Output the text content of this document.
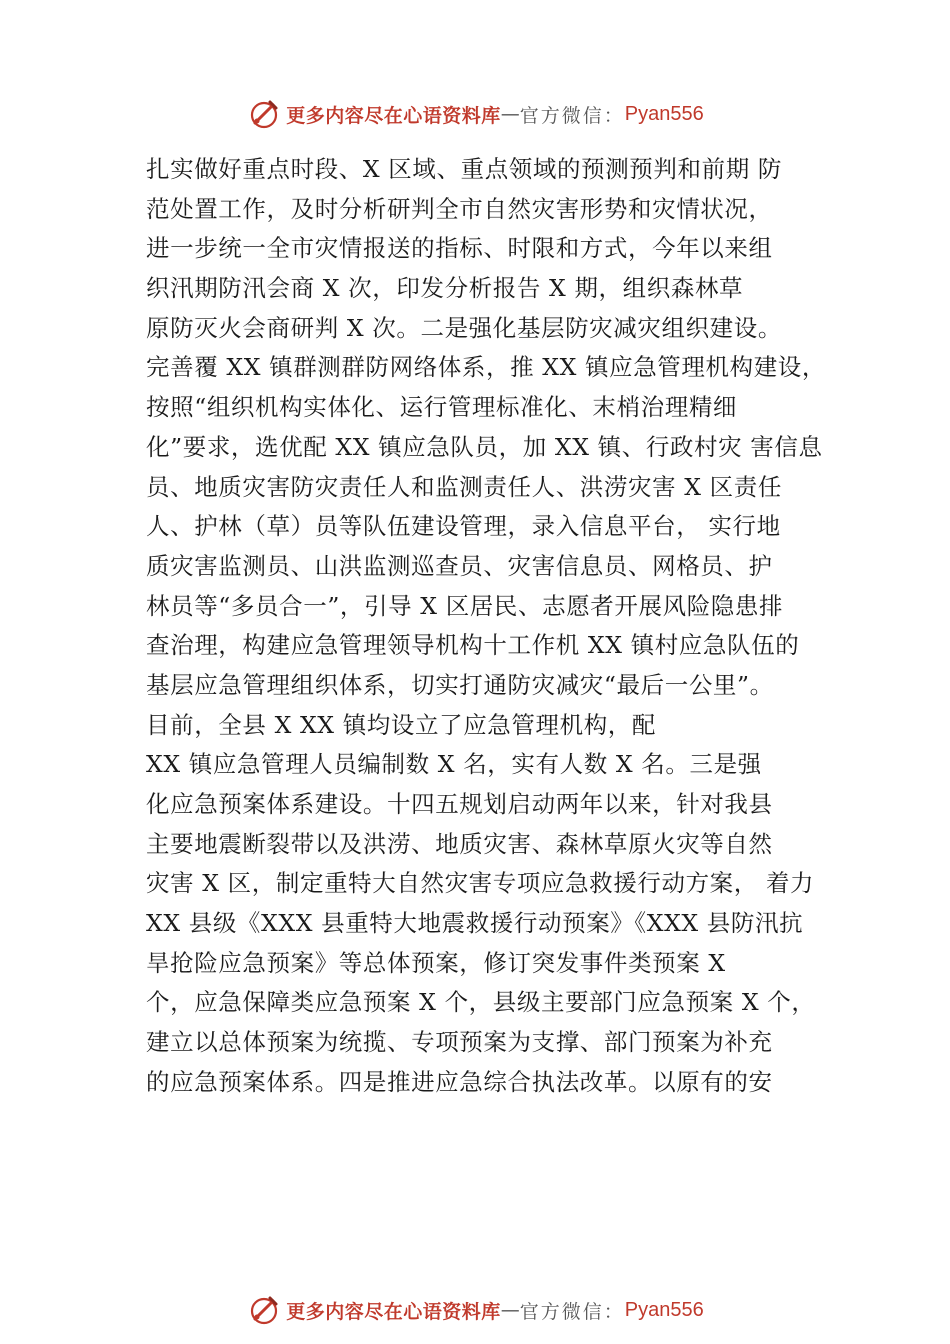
更多内容尽在心语资料库 — 官方微信： Pyan556
扎实做好重点时段、X 区域、重点领域的预测预判和前期 防
范处置工作，及时分析研判全市自然灾害形势和灾情状况，
进一步统一全市灾情报送的指标、时限和方式，今年以来组
织汛期防汛会商 X 次，印发分析报告 X 期，组织森林草
原防灭火会商研判 X 次。二是强化基层防灾减灾组织建设。
完善覆 XX 镇群测群防网络体系，推 XX 镇应急管理机构建设，
按照“组织机构实体化、运行管理标准化、末梢治理精细
化”要求，选优配 XX 镇应急队员，加 XX 镇、行政村灾 害信息
员、地质灾害防灾责任人和监测责任人、洪涝灾害 X 区责任
人、护林（草）员等队伍建设管理，录入信息平台， 实行地
质灾害监测员、山洪监测巡查员、灾害信息员、网格员、护
林员等“多员合一”，引导 X 区居民、志愿者开展风险隐患排
查治理，构建应急管理领导机构十工作机 XX 镇村应急队伍的
基层应急管理组织体系，切实打通防灾减灾“最后一公里”。
目前，全县 X XX 镇均设立了应急管理机构，配
XX 镇应急管理人员编制数 X 名，实有人数 X 名。三是强
化应急预案体系建设。十四五规划启动两年以来，针对我县
主要地震断裂带以及洪涝、地质灾害、森林草原火灾等自然
灾害 X 区，制定重特大自然灾害专项应急救援行动方案， 着力
XX 县级《XXX 县重特大地震救援行动预案》《XXX 县防汛抗
旱抢险应急预案》等总体预案，修订突发事件类预案 X
个，应急保障类应急预案 X 个，县级主要部门应急预案 X 个，
建立以总体预案为统揽、专项预案为支撑、部门预案为补充
的应急预案体系。四是推进应急综合执法改革。以原有的安
更多内容尽在心语资料库 — 官方微信： Pyan556
